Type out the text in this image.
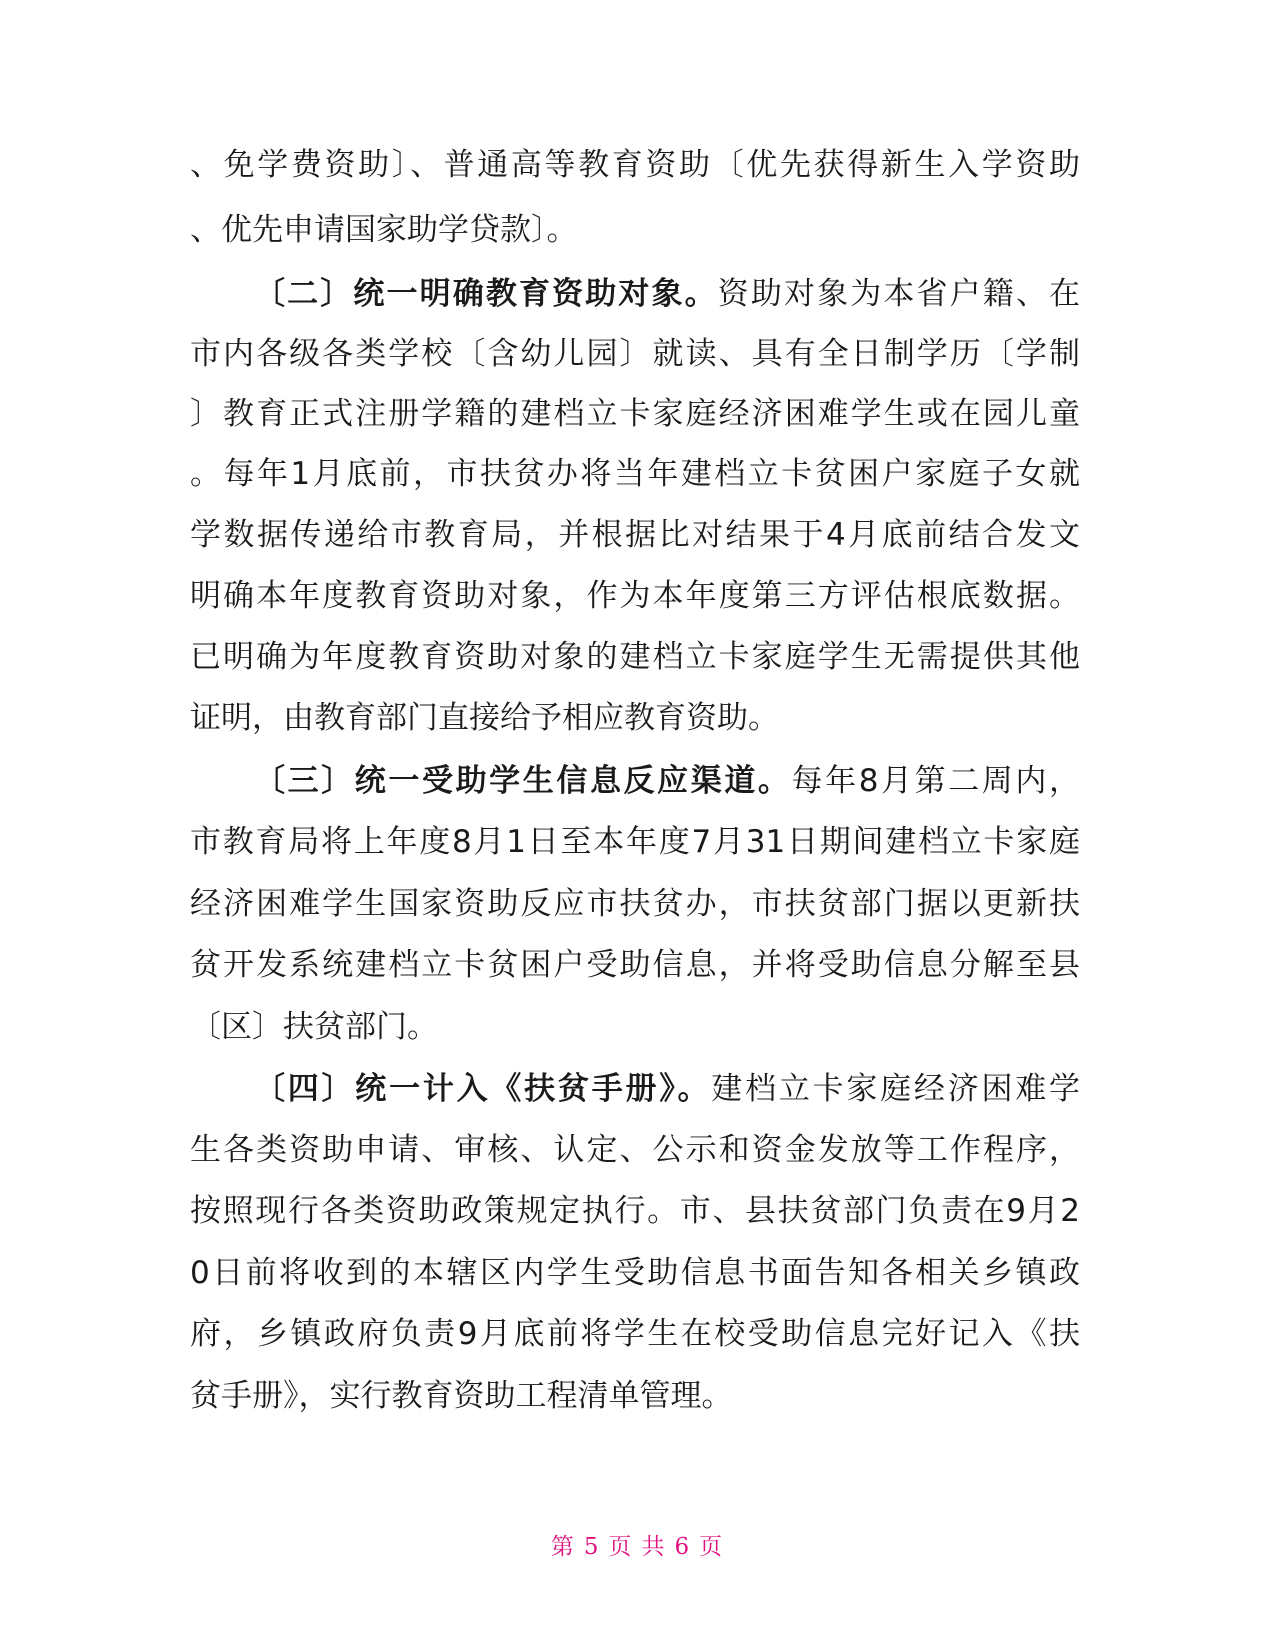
、免学费资助〕、普通高等教育资助〔优先获得新生入学资助
、优先申请国家助学贷款〕。
〔二〕统一明确教育资助对象。资助对象为本省户籍、在
市内各级各类学校〔含幼儿园〕就读、具有全日制学历〔学制
〕教育正式注册学籍的建档立卡家庭经济困难学生或在园儿童
。每年1月底前，市扶贫办将当年建档立卡贫困户家庭子女就
学数据传递给市教育局，并根据比对结果于4月底前结合发文
明确本年度教育资助对象，作为本年度第三方评估根底数据。
已明确为年度教育资助对象的建档立卡家庭学生无需提供其他
证明，由教育部门直接给予相应教育资助。
〔三〕统一受助学生信息反应渠道。每年8月第二周内，
市教育局将上年度8月1日至本年度7月31日期间建档立卡家庭
经济困难学生国家资助反应市扶贫办，市扶贫部门据以更新扶
贫开发系统建档立卡贫困户受助信息，并将受助信息分解至县
〔区〕扶贫部门。
〔四〕统一计入《扶贫手册》。建档立卡家庭经济困难学
生各类资助申请、审核、认定、公示和资金发放等工作程序，
按照现行各类资助政策规定执行。市、县扶贫部门负责在9月2
0日前将收到的本辖区内学生受助信息书面告知各相关乡镇政
府，乡镇政府负责9月底前将学生在校受助信息完好记入《扶
贫手册》，实行教育资助工程清单管理。
第 5 页 共 6 页
